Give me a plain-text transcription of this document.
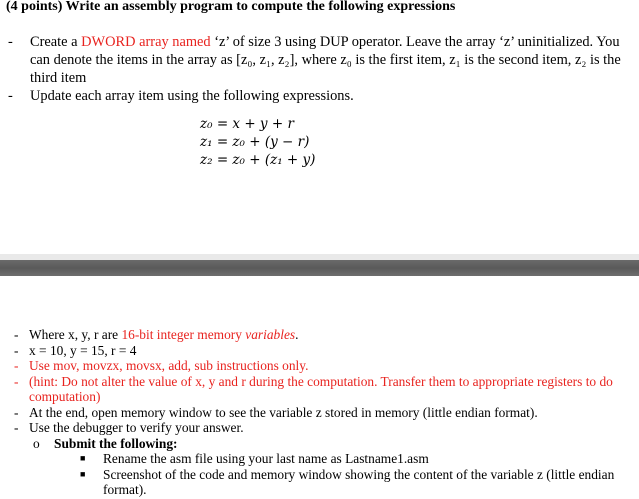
(4 points) Write an assembly program to compute the following expressions
- Create a DWORD array named ‘z’ of size 3 using DUP operator. Leave the array ‘z’ uninitialized. You can denote the items in the array as [z₀, z₁, z₂], where z₀ is the first item, z₁ is the second item, z₂ is the third item
- Update each array item using the following expressions.
z₀ = x + y + r
z₁ = z₀ + (y − r)
z₂ = z₀ + (z₁ + y)
- Where x, y, r are 16-bit integer memory variables.
- x = 10, y = 15, r = 4
- Use mov, movzx, movsx, add, sub instructions only.
- (hint: Do not alter the value of x, y and r during the computation. Transfer them to appropriate registers to do computation)
- At the end, open memory window to see the variable z stored in memory (little endian format).
- Use the debugger to verify your answer.
o Submit the following:
■ Rename the asm file using your last name as Lastname1.asm
■ Screenshot of the code and memory window showing the content of the variable z (little endian format).
